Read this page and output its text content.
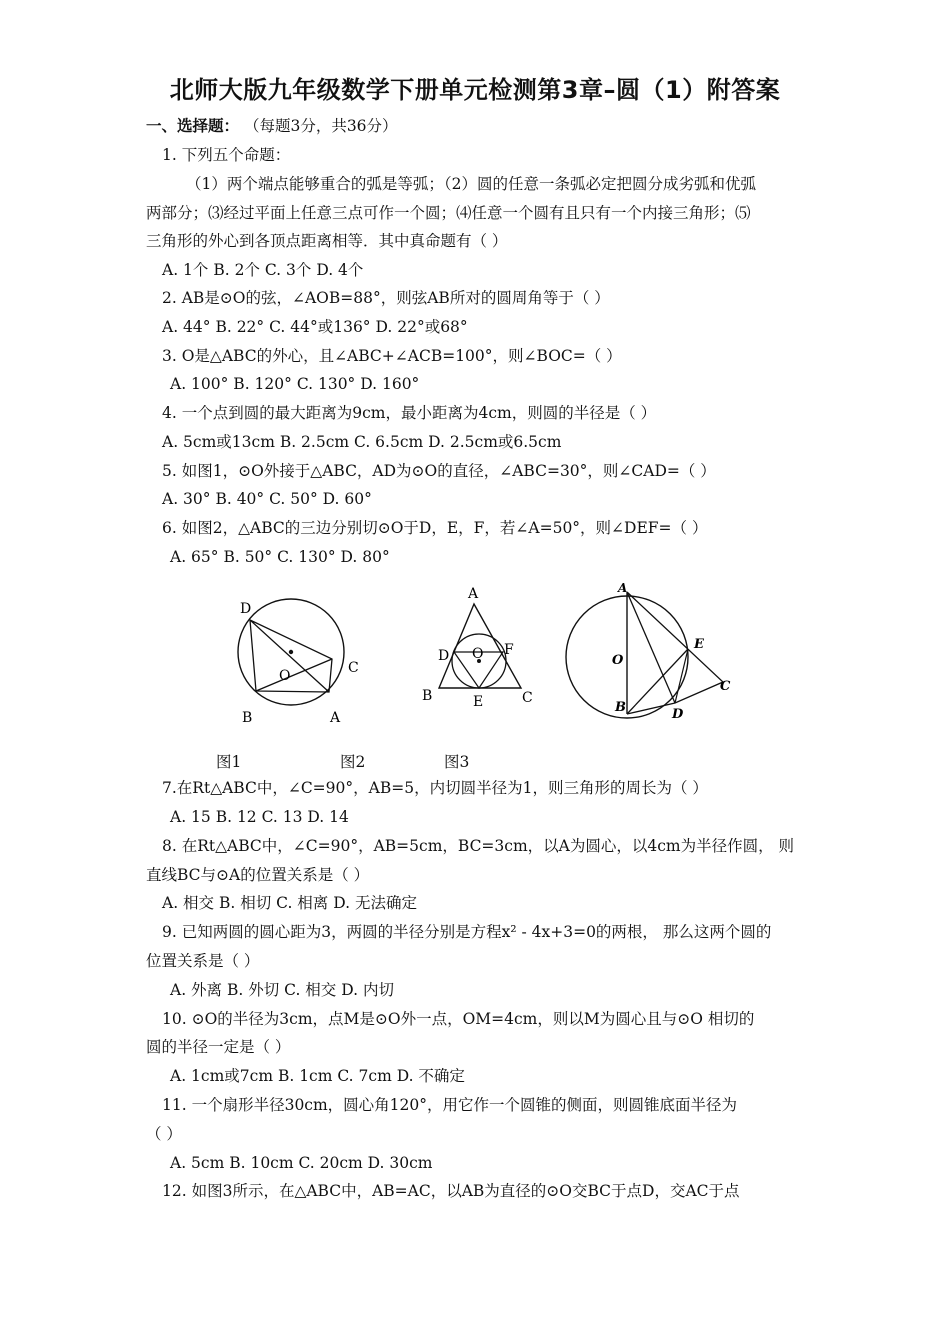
北师大版九年级数学下册单元检测第3章–圆（1）附答案
一、选择题： （每题3分，共36分）
1. 下列五个命题：
（1）两个端点能够重合的弧是等弧；（2）圆的任意一条弧必定把圆分成劣弧和优弧
两部分；⑶经过平面上任意三点可作一个圆；⑷任意一个圆有且只有一个内接三角形；⑸
三角形的外心到各顶点距离相等．其中真命题有（ ）
A. 1个 B. 2个 C. 3个 D. 4个
2. AB是⊙O的弦，∠AOB=88°，则弦AB所对的圆周角等于（ ）
A. 44° B. 22° C. 44°或136° D. 22°或68°
3. O是△ABC的外心，且∠ABC+∠ACB=100°，则∠BOC=（ ）
A. 100° B. 120° C. 130° D. 160°
4. 一个点到圆的最大距离为9cm，最小距离为4cm，则圆的半径是（ ）
A. 5cm或13cm B. 2.5cm C. 6.5cm D. 2.5cm或6.5cm
5. 如图1，⊙O外接于△ABC，AD为⊙O的直径，∠ABC=30°，则∠CAD=（ ）
A. 30° B. 40° C. 50° D. 60°
6. 如图2，△ABC的三边分别切⊙O于D，E，F，若∠A=50°，则∠DEF=（ ）
A. 65° B. 50° C. 130° D. 80°
D
C
O
B	A
A
D O F
B	E	C
A
O
E
C
B	D
图1	图2	图3
7.在Rt△ABC中，∠C=90°，AB=5，内切圆半径为1，则三角形的周长为（ ）
A. 15 B. 12 C. 13 D. 14
8. 在Rt△ABC中，∠C=90°，AB=5cm，BC=3cm，以A为圆心，以4cm为半径作圆， 则
直线BC与⊙A的位置关系是（ ）
A. 相交 B. 相切 C. 相离 D. 无法确定
9. 已知两圆的圆心距为3，两圆的半径分别是方程x² - 4x+3=0的两根， 那么这两个圆的
位置关系是（ ）
A. 外离 B. 外切 C. 相交 D. 内切
10. ⊙O的半径为3cm，点M是⊙O外一点，OM=4cm，则以M为圆心且与⊙O 相切的
圆的半径一定是（ ）
A. 1cm或7cm B. 1cm C. 7cm D. 不确定
11. 一个扇形半径30cm，圆心角120°，用它作一个圆锥的侧面，则圆锥底面半径为
（ ）
A. 5cm B. 10cm C. 20cm D. 30cm
12. 如图3所示，在△ABC中，AB=AC，以AB为直径的⊙O交BC于点D，交AC于点
